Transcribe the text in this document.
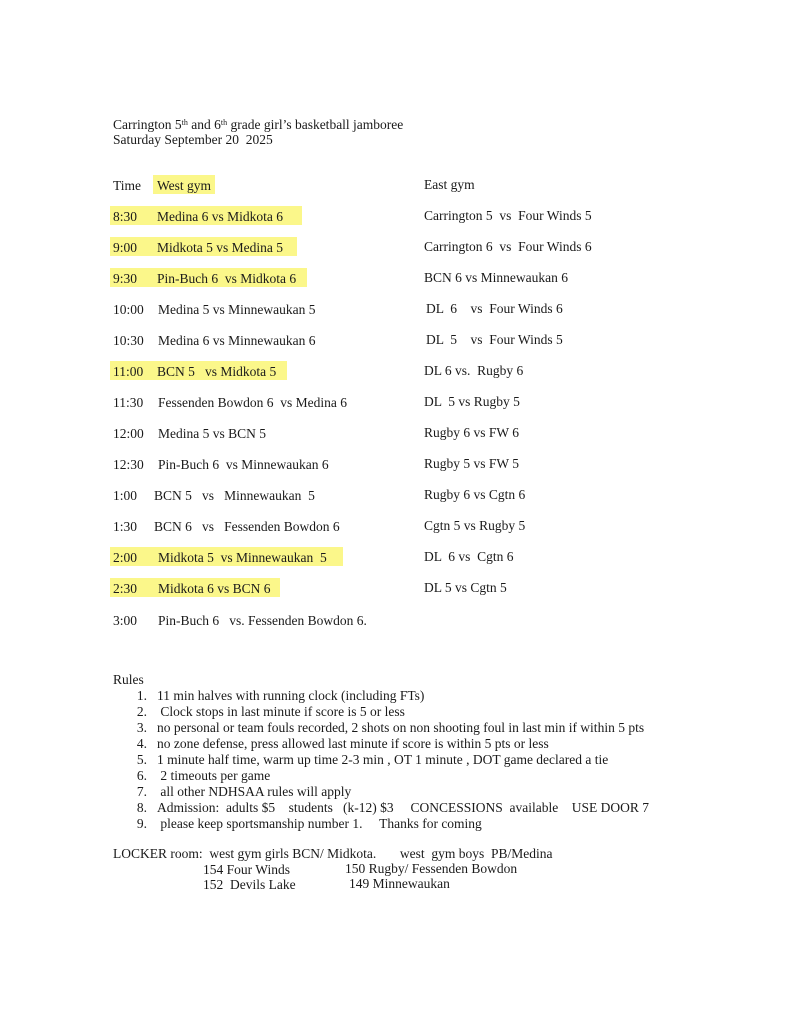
Carrington 5th and 6th grade girl’s basketball jamboree
Saturday September 20  2025
Time West gym	East gym
8:30 Medina 6 vs Midkota 6	Carrington 5  vs  Four Winds 5
9:00 Midkota 5 vs Medina 5	Carrington 6  vs  Four Winds 6
9:30 Pin-Buch 6  vs Midkota 6	BCN 6 vs Minnewaukan 6
10:00 Medina 5 vs Minnewaukan 5	DL  6    vs  Four Winds 6
10:30 Medina 6 vs Minnewaukan 6	DL  5    vs  Four Winds 5
11:00 BCN 5   vs Midkota 5	DL 6 vs.  Rugby 6
11:30 Fessenden Bowdon 6  vs Medina 6	DL  5 vs Rugby 5
12:00 Medina 5 vs BCN 5	Rugby 6 vs FW 6
12:30 Pin-Buch 6  vs Minnewaukan 6	Rugby 5 vs FW 5
1:00 BCN 5   vs   Minnewaukan  5	Rugby 6 vs Cgtn 6
1:30 BCN 6   vs   Fessenden Bowdon 6	Cgtn 5 vs Rugby 5
2:00 Midkota 5  vs Minnewaukan  5	DL  6 vs  Cgtn 6
2:30 Midkota 6 vs BCN 6	DL 5 vs Cgtn 5
3:00 Pin-Buch 6   vs. Fessenden Bowdon 6.
Rules
1. 11 min halves with running clock (including FTs)
2. Clock stops in last minute if score is 5 or less
3. no personal or team fouls recorded, 2 shots on non shooting foul in last min if within 5 pts
4. no zone defense, press allowed last minute if score is within 5 pts or less
5. 1 minute half time, warm up time 2-3 min , OT 1 minute , DOT game declared a tie
6. 2 timeouts per game
7. all other NDHSAA rules will apply
8. Admission:  adults $5    students   (k-12) $3     CONCESSIONS  available    USE DOOR 7
9. please keep sportsmanship number 1.     Thanks for coming
LOCKER room:  west gym girls BCN/ Midkota.       west  gym boys  PB/Medina
154 Four Winds	150 Rugby/ Fessenden Bowdon
152  Devils Lake	149 Minnewaukan
